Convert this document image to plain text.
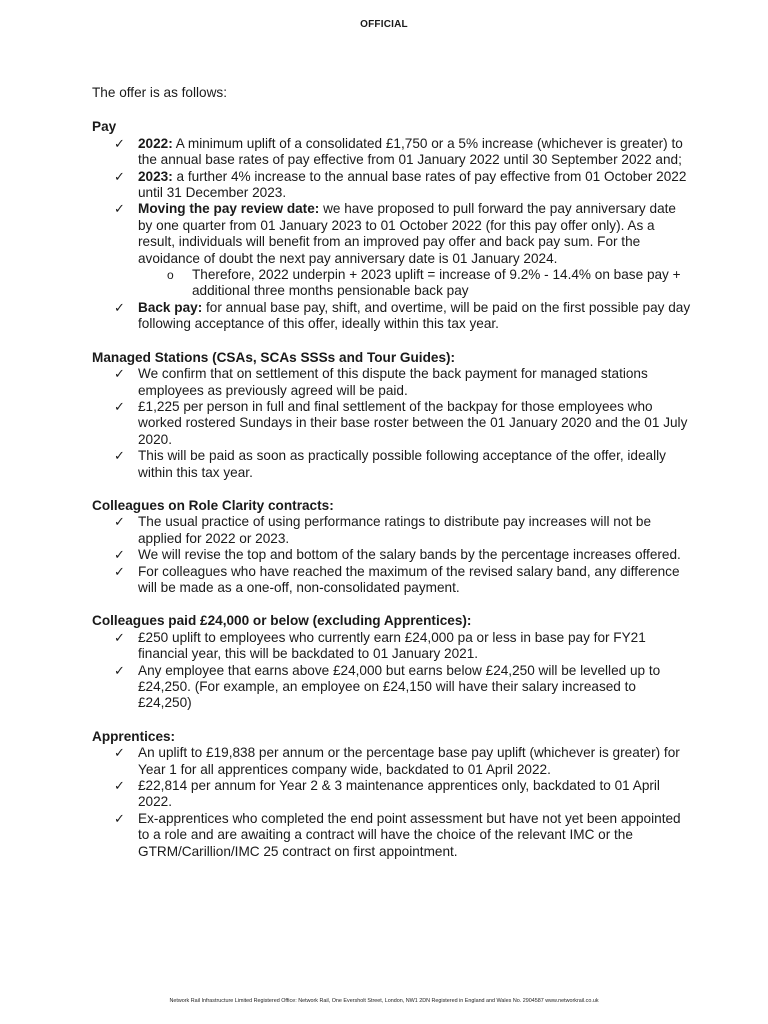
OFFICIAL

The offer is as follows:

Pay

✓ 2022: A minimum uplift of a consolidated £1,750 or a 5% increase (whichever is greater) to the annual base rates of pay effective from 01 January 2022 until 30 September 2022 and;
✓ 2023: a further 4% increase to the annual base rates of pay effective from 01 October 2022 until 31 December 2023.
✓ Moving the pay review date: we have proposed to pull forward the pay anniversary date by one quarter from 01 January 2023 to 01 October 2022 (for this pay offer only). As a result, individuals will benefit from an improved pay offer and back pay sum. For the avoidance of doubt the next pay anniversary date is 01 January 2024.
o Therefore, 2022 underpin + 2023 uplift = increase of 9.2% - 14.4% on base pay + additional three months pensionable back pay
✓ Back pay: for annual base pay, shift, and overtime, will be paid on the first possible pay day following acceptance of this offer, ideally within this tax year.

Managed Stations (CSAs, SCAs SSSs and Tour Guides):

✓ We confirm that on settlement of this dispute the back payment for managed stations employees as previously agreed will be paid.
✓ £1,225 per person in full and final settlement of the backpay for those employees who worked rostered Sundays in their base roster between the 01 January 2020 and the 01 July 2020.
✓ This will be paid as soon as practically possible following acceptance of the offer, ideally within this tax year.

Colleagues on Role Clarity contracts:

✓ The usual practice of using performance ratings to distribute pay increases will not be applied for 2022 or 2023.
✓ We will revise the top and bottom of the salary bands by the percentage increases offered.
✓ For colleagues who have reached the maximum of the revised salary band, any difference will be made as a one-off, non-consolidated payment.

Colleagues paid £24,000 or below (excluding Apprentices):

✓ £250 uplift to employees who currently earn £24,000 pa or less in base pay for FY21 financial year, this will be backdated to 01 January 2021.
✓ Any employee that earns above £24,000 but earns below £24,250 will be levelled up to £24,250. (For example, an employee on £24,150 will have their salary increased to £24,250)

Apprentices:

✓ An uplift to £19,838 per annum or the percentage base pay uplift (whichever is greater) for Year 1 for all apprentices company wide, backdated to 01 April 2022.
✓ £22,814 per annum for Year 2 & 3 maintenance apprentices only, backdated to 01 April 2022.
✓ Ex-apprentices who completed the end point assessment but have not yet been appointed to a role and are awaiting a contract will have the choice of the relevant IMC or the GTRM/Carillion/IMC 25 contract on first appointment.
Network Rail Infrastructure Limited Registered Office: Network Rail, One Eversholt Street, London, NW1 2DN Registered in England and Wales No. 2904587 www.networkrail.co.uk
